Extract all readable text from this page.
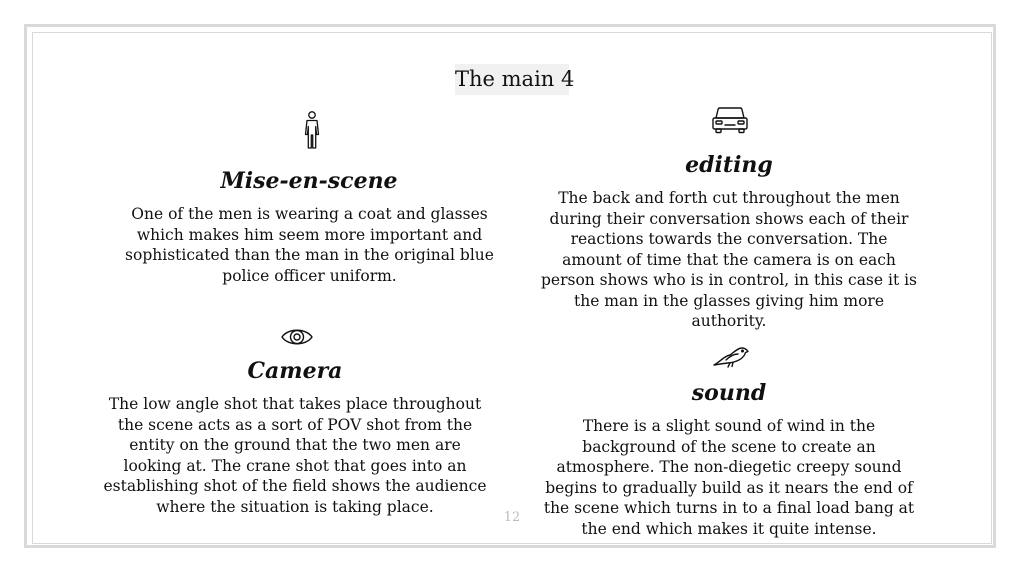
The main 4
Mise-en-scene
One of the men is wearing a coat and glasses which makes him seem more important and sophisticated than the man in the original blue police officer uniform.
editing
The back and forth cut throughout the men during their conversation shows each of their reactions towards the conversation. The amount of time that the camera is on each person shows who is in control, in this case it is the man in the glasses giving him more authority.
Camera
The low angle shot that takes place throughout the scene acts as a sort of POV shot from the entity on the ground that the two men are looking at. The crane shot that goes into an establishing shot of the field shows the audience where the situation is taking place.
sound
There is a slight sound of wind in the background of the scene to create an atmosphere. The non-diegetic creepy sound begins to gradually build as it nears the end of the scene which turns in to a final load bang at the end which makes it quite intense.
12
